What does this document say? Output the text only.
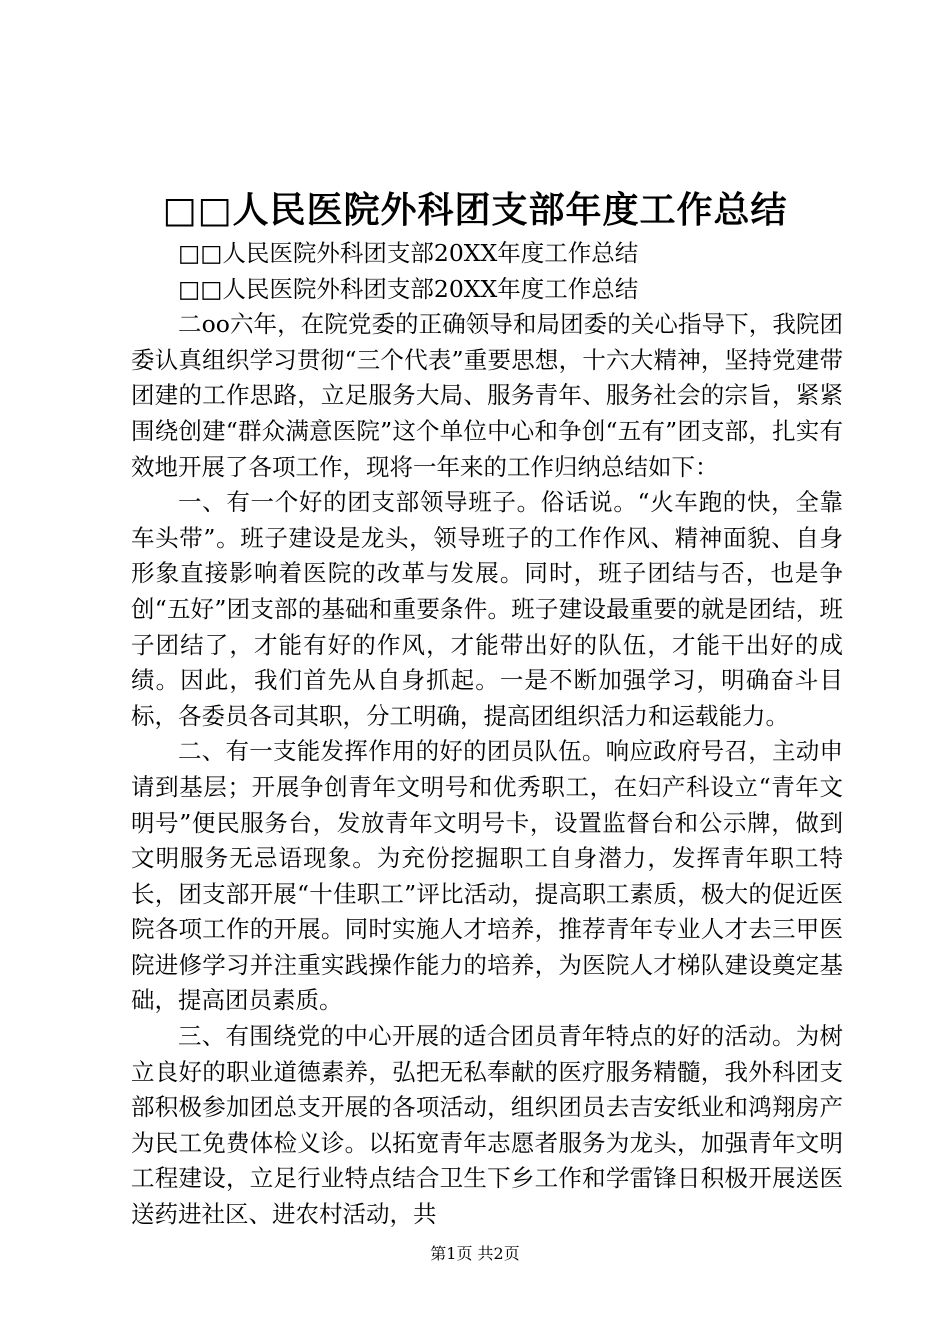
□□人民医院外科团支部年度工作总结

□□人民医院外科团支部20XX年度工作总结

□□人民医院外科团支部20XX年度工作总结

二oo六年，在院党委的正确领导和局团委的关心指导下，我院团委认真组织学习贯彻“三个代表”重要思想，十六大精神，坚持党建带团建的工作思路，立足服务大局、服务青年、服务社会的宗旨，紧紧围绕创建“群众满意医院”这个单位中心和争创“五有”团支部，扎实有效地开展了各项工作，现将一年来的工作归纳总结如下：

一、有一个好的团支部领导班子。俗话说。“火车跑的快，全靠车头带”。班子建设是龙头，领导班子的工作作风、精神面貌、自身形象直接影响着医院的改革与发展。同时，班子团结与否，也是争创“五好”团支部的基础和重要条件。班子建设最重要的就是团结，班子团结了，才能有好的作风，才能带出好的队伍，才能干出好的成绩。因此，我们首先从自身抓起。一是不断加强学习，明确奋斗目标，各委员各司其职，分工明确，提高团组织活力和运载能力。

二、有一支能发挥作用的好的团员队伍。响应政府号召，主动申请到基层；开展争创青年文明号和优秀职工，在妇产科设立“青年文明号”便民服务台，发放青年文明号卡，设置监督台和公示牌，做到文明服务无忌语现象。为充份挖掘职工自身潜力，发挥青年职工特长，团支部开展“十佳职工”评比活动，提高职工素质，极大的促近医院各项工作的开展。同时实施人才培养，推荐青年专业人才去三甲医院进修学习并注重实践操作能力的培养，为医院人才梯队建设奠定基础，提高团员素质。

三、有围绕党的中心开展的适合团员青年特点的好的活动。为树立良好的职业道德素养，弘把无私奉献的医疗服务精髓，我外科团支部积极参加团总支开展的各项活动，组织团员去吉安纸业和鸿翔房产为民工免费体检义诊。以拓宽青年志愿者服务为龙头，加强青年文明工程建设，立足行业特点结合卫生下乡工作和学雷锋日积极开展送医送药进社区、进农村活动，共

第1页 共2页
